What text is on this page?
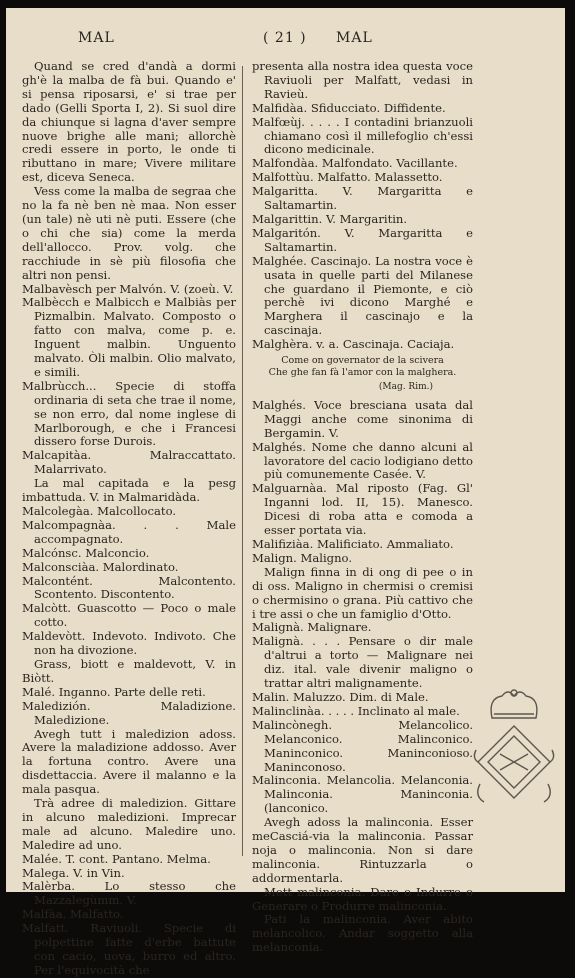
MAL	( 21 ) MAL

Quand se cred d'andà a dormi gh'è la malba de fà bui. Quando e' si pensa riposarsi, e' si trae per dado (Gelli Sporta I, 2). Si suol dire da chiunque si lagna d'aver sempre nuove brighe alle mani; allorchè credi essere in porto, le onde ti ributtano in mare; Vivere militare est, diceva Seneca.

Vess come la malba de segraa che no la fa nè ben nè maa. Non esser (un tale) nè uti nè puti. Essere (che o chi che sia) come la merda dell'allocco. Prov. volg. che racchiude in sè più filosofia che altri non pensi.

Malbavèsch per Malvón. V. (zoeù. V.

Malbècch e Malbicch e Malbiàs per Pizmalbin. Malvato. Composto o fatto con malva, come p. e. Inguent malbin. Unguento malvato. Òli malbin. Olio malvato, e simili.

Malbrùcch... Specie di stoffa ordinaria di seta che trae il nome, se non erro, dal nome inglese di Marlborough, e che i Francesi dissero forse Durois.

Malcapitàa. Malraccattato. Malarrivato.

La mal capitada e la pesg imbattuda. V. in Malmaridàda.

Malcolegàa. Malcollocato.

Malcompagnàa. . . Male accompagnato.

Malcónsc. Malconcio.

Malconsciàa. Malordinato.

Malcontént. Malcontento. Scontento. Discontento.

Malcòtt. Guascotto — Poco o male cotto.

Maldevòtt. Indevoto. Indivoto. Che non ha divozione.

Grass, biott e maldevott, V. in Biòtt.

Malé. Inganno. Parte delle reti.

Maledizión. Maladizione. Maledizione.

Avegh tutt i maledizion adoss. Avere la maladizione addosso. Aver la fortuna contro. Avere una disdettaccia. Avere il malanno e la mala pasqua.

Trà adree di maledizion. Gittare in alcuno maledizioni. Imprecar male ad alcuno. Maledire uno. Maledire ad uno.

Malée. T. cont. Pantano. Melma.

Malega. V. in Vin.

Malèrba. Lo stesso che Mazzalegùmm. V.

Malfàa. Malfatto.

Malfatt. Raviuoli. Specie di polpettine fatte d'erbe battute con cacio, uova, burro ed altro. Per l'equivocità che

presenta alla nostra idea questa voce Raviuoli per Malfatt, vedasi in Ravieù.

Malfidàa. Sfiducciato. Diffidente.

Malfœùj. . . . . I contadini brianzuoli chiamano così il millefoglio ch'essi dicono medicinale.

Malfondàa. Malfondato. Vacillante.

Malfottùu. Malfatto. Malassetto.

Malgaritta. V. Margaritta e Saltamartin.

Malgarittin. V. Margaritin.

Malgaritón. V. Margaritta e Saltamartin.

Malghée. Cascinajo. La nostra voce è usata in quelle parti del Milanese che guardano il Piemonte, e ciò perchè ivi dicono Marghé e Marghera il cascinajo e la cascinaja.

Malghèra. v. a. Cascinaja. Caciaja.

Come on governator de la scivera
Che ghe fan fà l'amor con la malghera.

(Mag. Rim.)

Malghés. Voce bresciana usata dal Maggi anche come sinonima di Bergamin. V.

Malghés. Nome che danno alcuni al lavoratore del cacio lodigiano detto più comunemente Casée. V.

Malguarnàa. Mal riposto (Fag. Gl' Inganni lod. II, 15). Manesco. Dicesi di roba atta e comoda a esser portata via.

Malifiziàa. Malificiato. Ammaliato.

Malign. Maligno.

Malign finna in di ong di pee o in di oss. Maligno in chermisi o cremisi o chermisino o grana. Più cattivo che i tre assi o che un famiglio d'Otto.

Malignà. Malignare.

Malignà. . . . Pensare o dir male d'altrui a torto — Malignare nei diz. ital. vale divenir maligno o trattar altri malignamente.

Malin. Maluzzo. Dim. di Male.

Malinclinàa. . . . . Inclinato al male.

Malincònegh. Melancolico. Melanconico. Malinconico. Maninconico. Maninconioso. Maninconoso.

Malinconia. Melancolia. Melanconia. Malinconia. Maninconia. (lanconico.

Avegh adoss la malinconia. Esser meCasciá-via la malinconia. Passar noja o malinconia. Non si dare malinconia. Rintuzzarla o addormentarla.

Mett malinconia. Dare o Indurre o Generare o Produrre malinconia.

Pati la malinconia. Aver abito melancolico. Andar soggetto alla melanconia.
